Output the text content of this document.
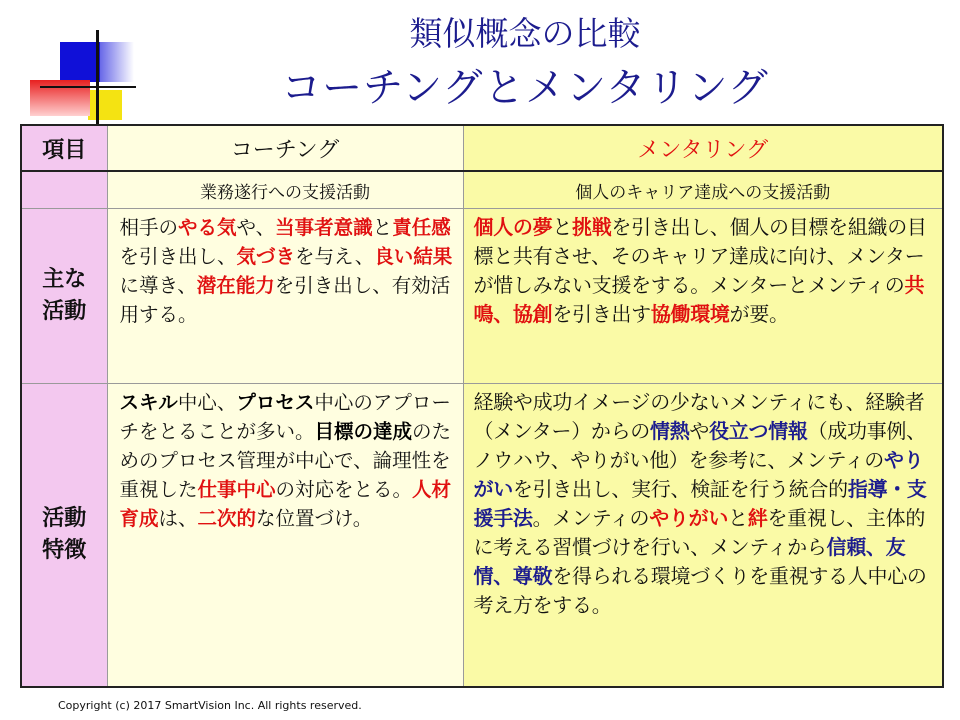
類似概念の比較
コーチングとメンタリング
項目	コーチング	メンタリング
	業務遂行への支援活動	個人のキャリア達成への支援活動

主な
活動	相手のやる気や、当事者意識と責任感を引き出し、気づきを与え、良い結果に導き、潜在能力を引き出し、有効活用する。	個人の夢と挑戦を引き出し、個人の目標を組織の目標と共有させ、そのキャリア達成に向け、メンターが惜しみない支援をする。メンターとメンティの共鳴、協創を引き出す協働環境が要。

活動
特徴	スキル中心、プロセス中心のアプローチをとることが多い。目標の達成のためのプロセス管理が中心で、論理性を重視した仕事中心の対応をとる。人材育成は、二次的な位置づけ。	経験や成功イメージの少ないメンティにも、経験者（メンター）からの情熱や役立つ情報（成功事例、ノウハウ、やりがい他）を参考に、メンティのやりがいを引き出し、実行、検証を行う統合的指導・支援手法。メンティのやりがいと絆を重視し、主体的に考える習慣づけを行い、メンティから信頼、友情、尊敬を得られる環境づくりを重視する人中心の考え方をする。
Copyright (c) 2017 SmartVision Inc. All rights reserved.
